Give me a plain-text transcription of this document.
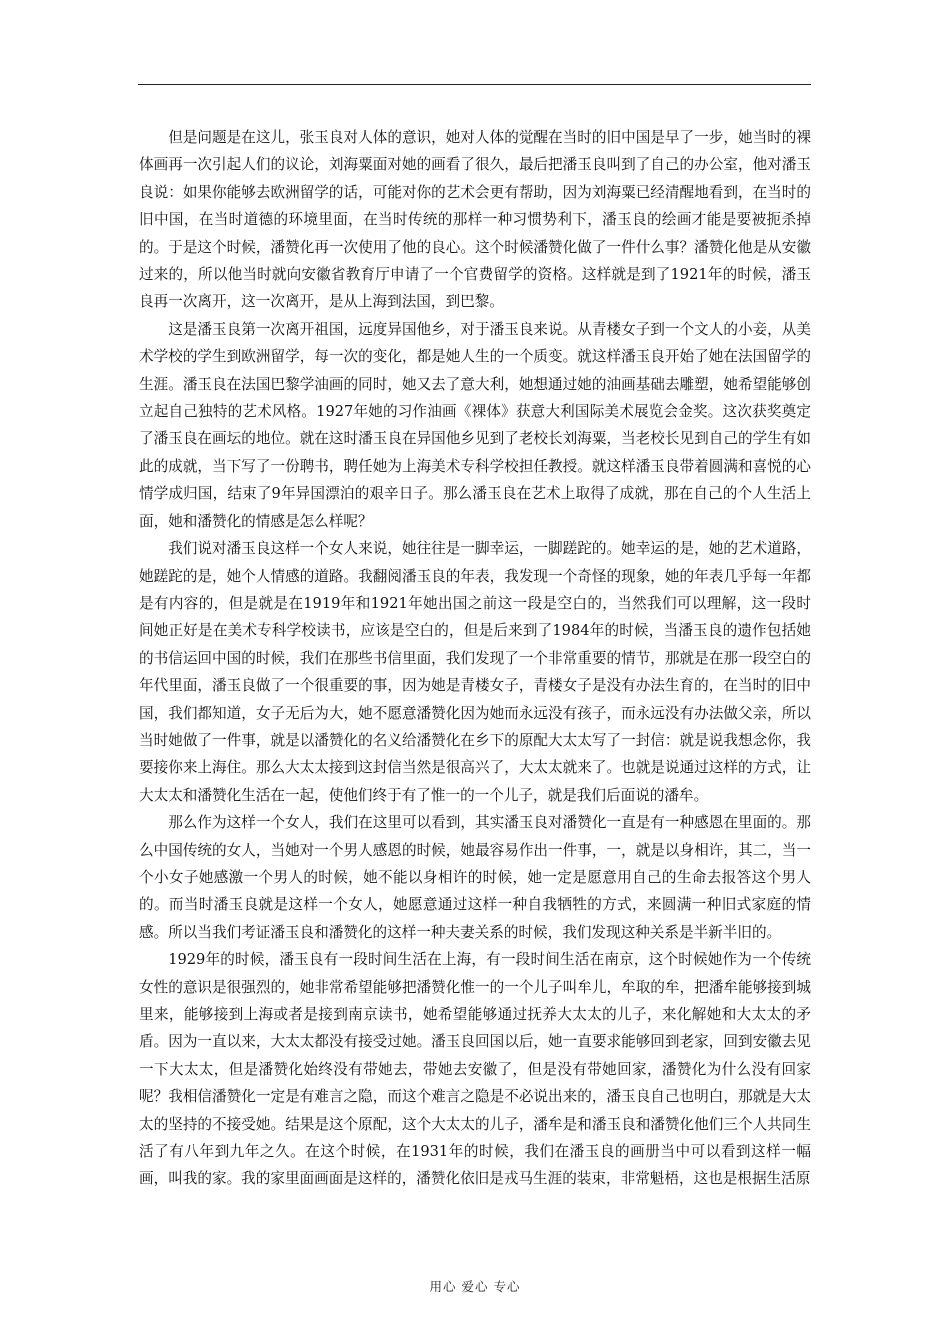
但是问题是在这儿，张玉良对人体的意识，她对人体的觉醒在当时的旧中国是早了一步，她当时的裸体画再一次引起人们的议论，刘海粟面对她的画看了很久，最后把潘玉良叫到了自己的办公室，他对潘玉良说：如果你能够去欧洲留学的话，可能对你的艺术会更有帮助，因为刘海粟已经清醒地看到，在当时的旧中国，在当时道德的环境里面，在当时传统的那样一种习惯势利下，潘玉良的绘画才能是要被扼杀掉的。于是这个时候，潘赞化再一次使用了他的良心。这个时候潘赞化做了一件什么事？潘赞化他是从安徽过来的，所以他当时就向安徽省教育厅申请了一个官费留学的资格。这样就是到了1921年的时候，潘玉良再一次离开，这一次离开，是从上海到法国，到巴黎。

这是潘玉良第一次离开祖国，远度异国他乡，对于潘玉良来说。从青楼女子到一个文人的小妾，从美术学校的学生到欧洲留学，每一次的变化，都是她人生的一个质变。就这样潘玉良开始了她在法国留学的生涯。潘玉良在法国巴黎学油画的同时，她又去了意大利，她想通过她的油画基础去雕塑，她希望能够创立起自己独特的艺术风格。1927年她的习作油画《裸体》获意大利国际美术展览会金奖。这次获奖奠定了潘玉良在画坛的地位。就在这时潘玉良在异国他乡见到了老校长刘海粟，当老校长见到自己的学生有如此的成就，当下写了一份聘书，聘任她为上海美术专科学校担任教授。就这样潘玉良带着圆满和喜悦的心情学成归国，结束了9年异国漂泊的艰辛日子。那么潘玉良在艺术上取得了成就，那在自己的个人生活上面，她和潘赞化的情感是怎么样呢？

我们说对潘玉良这样一个女人来说，她往往是一脚幸运，一脚蹉跎的。她幸运的是，她的艺术道路，她蹉跎的是，她个人情感的道路。我翻阅潘玉良的年表，我发现一个奇怪的现象，她的年表几乎每一年都是有内容的，但是就是在1919年和1921年她出国之前这一段是空白的，当然我们可以理解，这一段时间她正好是在美术专科学校读书，应该是空白的，但是后来到了1984年的时候，当潘玉良的遗作包括她的书信运回中国的时候，我们在那些书信里面，我们发现了一个非常重要的情节，那就是在那一段空白的年代里面，潘玉良做了一个很重要的事，因为她是青楼女子，青楼女子是没有办法生育的，在当时的旧中国，我们都知道，女子无后为大，她不愿意潘赞化因为她而永远没有孩子，而永远没有办法做父亲，所以当时她做了一件事，就是以潘赞化的名义给潘赞化在乡下的原配大太太写了一封信：就是说我想念你，我要接你来上海住。那么大太太接到这封信当然是很高兴了，大太太就来了。也就是说通过这样的方式，让大太太和潘赞化生活在一起，使他们终于有了惟一的一个儿子，就是我们后面说的潘牟。

那么作为这样一个女人，我们在这里可以看到，其实潘玉良对潘赞化一直是有一种感恩在里面的。那么中国传统的女人，当她对一个男人感恩的时候，她最容易作出一件事，一，就是以身相许，其二，当一个小女子她感激一个男人的时候，她不能以身相许的时候，她一定是愿意用自己的生命去报答这个男人的。而当时潘玉良就是这样一个女人，她愿意通过这样一种自我牺牲的方式，来圆满一种旧式家庭的情感。所以当我们考证潘玉良和潘赞化的这样一种夫妻关系的时候，我们发现这种关系是半新半旧的。

1929年的时候，潘玉良有一段时间生活在上海，有一段时间生活在南京，这个时候她作为一个传统女性的意识是很强烈的，她非常希望能够把潘赞化惟一的一个儿子叫牟儿，牟取的牟，把潘牟能够接到城里来，能够接到上海或者是接到南京读书，她希望能够通过抚养大太太的儿子，来化解她和大太太的矛盾。因为一直以来，大太太都没有接受过她。潘玉良回国以后，她一直要求能够回到老家，回到安徽去见一下大太太，但是潘赞化始终没有带她去，带她去安徽了，但是没有带她回家，潘赞化为什么没有回家呢？我相信潘赞化一定是有难言之隐，而这个难言之隐是不必说出来的，潘玉良自己也明白，那就是大太太的坚持的不接受她。结果是这个原配，这个大太太的儿子，潘牟是和潘玉良和潘赞化他们三个人共同生活了有八年到九年之久。在这个时候，在1931年的时候，我们在潘玉良的画册当中可以看到这样一幅画，叫我的家。我的家里面画面是这样的，潘赞化依旧是戎马生涯的装束，非常魁梧，这也是根据生活原

用心 爱心 专心
